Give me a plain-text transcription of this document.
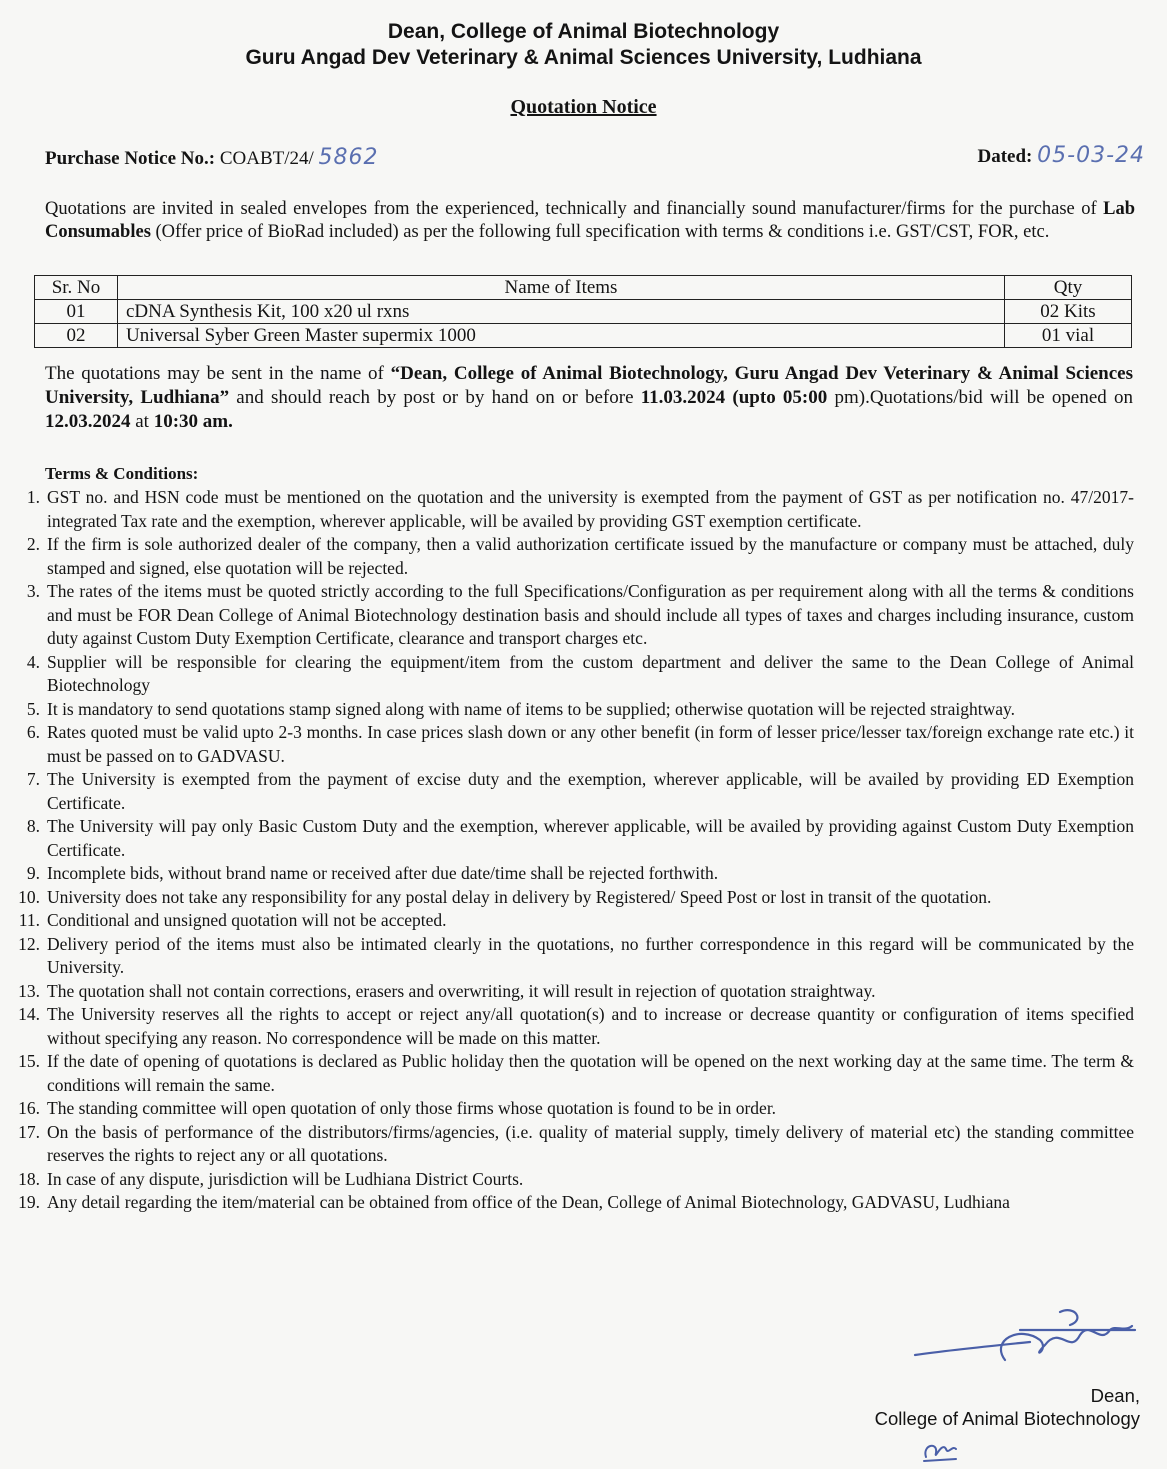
Dean, College of Animal Biotechnology
Guru Angad Dev Veterinary & Animal Sciences University, Ludhiana
Quotation Notice
Purchase Notice No.: COABT/24/ 5862	Dated: 05-03-24
Quotations are invited in sealed envelopes from the experienced, technically and financially sound manufacturer/firms for the purchase of Lab Consumables (Offer price of BioRad included) as per the following full specification with terms & conditions i.e. GST/CST, FOR, etc.
Sr. No	Name of Items	Qty
01	cDNA Synthesis Kit, 100 x20 ul rxns	02 Kits
02	Universal Syber Green Master supermix 1000	01 vial
The quotations may be sent in the name of “Dean, College of Animal Biotechnology, Guru Angad Dev Veterinary & Animal Sciences University, Ludhiana” and should reach by post or by hand on or before 11.03.2024 (upto 05:00 pm).Quotations/bid will be opened on 12.03.2024 at 10:30 am.
Terms & Conditions:
1. GST no. and HSN code must be mentioned on the quotation and the university is exempted from the payment of GST as per notification no. 47/2017-integrated Tax rate and the exemption, wherever applicable, will be availed by providing GST exemption certificate.
2. If the firm is sole authorized dealer of the company, then a valid authorization certificate issued by the manufacture or company must be attached, duly stamped and signed, else quotation will be rejected.
3. The rates of the items must be quoted strictly according to the full Specifications/Configuration as per requirement along with all the terms & conditions and must be FOR Dean College of Animal Biotechnology destination basis and should include all types of taxes and charges including insurance, custom duty against Custom Duty Exemption Certificate, clearance and transport charges etc.
4. Supplier will be responsible for clearing the equipment/item from the custom department and deliver the same to the Dean College of Animal Biotechnology
5. It is mandatory to send quotations stamp signed along with name of items to be supplied; otherwise quotation will be rejected straightway.
6. Rates quoted must be valid upto 2-3 months. In case prices slash down or any other benefit (in form of lesser price/lesser tax/foreign exchange rate etc.) it must be passed on to GADVASU.
7. The University is exempted from the payment of excise duty and the exemption, wherever applicable, will be availed by providing ED Exemption Certificate.
8. The University will pay only Basic Custom Duty and the exemption, wherever applicable, will be availed by providing against Custom Duty Exemption Certificate.
9. Incomplete bids, without brand name or received after due date/time shall be rejected forthwith.
10. University does not take any responsibility for any postal delay in delivery by Registered/ Speed Post or lost in transit of the quotation.
11. Conditional and unsigned quotation will not be accepted.
12. Delivery period of the items must also be intimated clearly in the quotations, no further correspondence in this regard will be communicated by the University.
13. The quotation shall not contain corrections, erasers and overwriting, it will result in rejection of quotation straightway.
14. The University reserves all the rights to accept or reject any/all quotation(s) and to increase or decrease quantity or configuration of items specified without specifying any reason. No correspondence will be made on this matter.
15. If the date of opening of quotations is declared as Public holiday then the quotation will be opened on the next working day at the same time. The term & conditions will remain the same.
16. The standing committee will open quotation of only those firms whose quotation is found to be in order.
17. On the basis of performance of the distributors/firms/agencies, (i.e. quality of material supply, timely delivery of material etc) the standing committee reserves the rights to reject any or all quotations.
18. In case of any dispute, jurisdiction will be Ludhiana District Courts.
19. Any detail regarding the item/material can be obtained from office of the Dean, College of Animal Biotechnology, GADVASU, Ludhiana
Dean,
College of Animal Biotechnology
